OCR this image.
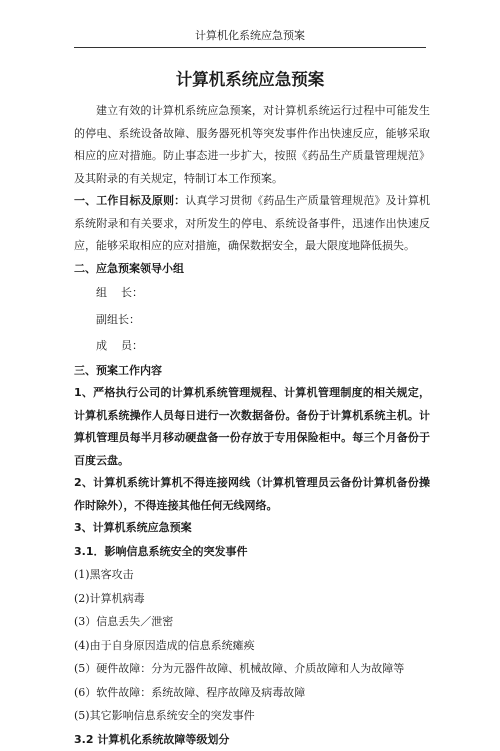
计算机化系统应急预案
计算机系统应急预案

建立有效的计算机系统应急预案，对计算机系统运行过程中可能发生的停电、系统设备故障、服务器死机等突发事件作出快速反应，能够采取相应的应对措施。防止事态进一步扩大，按照《药品生产质量管理规范》及其附录的有关规定，特制订本工作预案。

一、工作目标及原则：认真学习贯彻《药品生产质量管理规范》及计算机系统附录和有关要求，对所发生的停电、系统设备事件，迅速作出快速反应，能够采取相应的应对措施，确保数据安全，最大限度地降低损失。

二、应急预案领导小组

组    长：

副组长：

成    员：

三、预案工作内容

1、严格执行公司的计算机系统管理规程、计算机管理制度的相关规定， 计算机系统操作人员每日进行一次数据备份。备份于计算机系统主机。计算机管理员每半月移动硬盘备一份存放于专用保险柜中。每三个月备份于百度云盘。

2、计算机系统计算机不得连接网线（计算机管理员云备份计算机备份操作时除外），不得连接其他任何无线网络。

3、计算机系统应急预案

3.1．影响信息系统安全的突发事件

(1)黑客攻击

(2)计算机病毒

(3）信息丢失／泄密

(4)由于自身原因造成的信息系统瘫痪

(5）硬件故障：分为元器件故障、机械故障、介质故障和人为故障等

(6）软件故障：系统故障、程序故障及病毒故障

(5)其它影响信息系统安全的突发事件

3.2 计算机化系统故障等级划分
